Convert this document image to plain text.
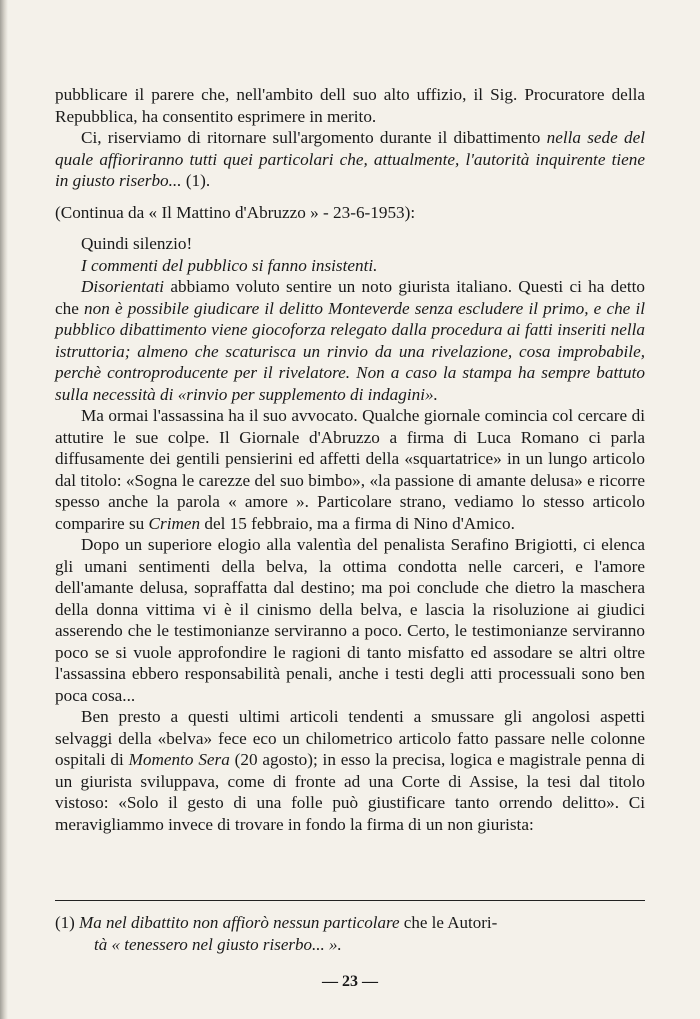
pubblicare il parere che, nell'ambito dell suo alto uffizio, il Sig. Procuratore della Repubblica, ha consentito esprimere in merito.

Ci, riserviamo di ritornare sull'argomento durante il dibattimento nella sede del quale affioriranno tutti quei particolari che, attualmente, l'autorità inquirente tiene in giusto riserbo... (1).

(Continua da « Il Mattino d'Abruzzo » - 23-6-1953):

Quindi silenzio!

I commenti del pubblico si fanno insistenti.

Disorientati abbiamo voluto sentire un noto giurista italiano. Questi ci ha detto che non è possibile giudicare il delitto Monteverde senza escludere il primo, e che il pubblico dibattimento viene giocoforza relegato dalla procedura ai fatti inseriti nella istruttoria; almeno che scaturisca un rinvio da una rivelazione, cosa improbabile, perchè controproducente per il rivelatore. Non a caso la stampa ha sempre battuto sulla necessità di «rinvio per supplemento di indagini».

Ma ormai l'assassina ha il suo avvocato. Qualche giornale comincia col cercare di attutire le sue colpe. Il Giornale d'Abruzzo a firma di Luca Romano ci parla diffusamente dei gentili pensierini ed affetti della «squartatrice» in un lungo articolo dal titolo: «Sogna le carezze del suo bimbo», «la passione di amante delusa» e ricorre spesso anche la parola « amore ». Particolare strano, vediamo lo stesso articolo comparire su Crimen del 15 febbraio, ma a firma di Nino d'Amico.

Dopo un superiore elogio alla valentìa del penalista Serafino Brigiotti, ci elenca gli umani sentimenti della belva, la ottima condotta nelle carceri, e l'amore dell'amante delusa, sopraffatta dal destino; ma poi conclude che dietro la maschera della donna vittima vi è il cinismo della belva, e lascia la risoluzione ai giudici asserendo che le testimonianze serviranno a poco. Certo, le testimonianze serviranno poco se si vuole approfondire le ragioni di tanto misfatto ed assodare se altri oltre l'assassina ebbero responsabilità penali, anche i testi degli atti processuali sono ben poca cosa...

Ben presto a questi ultimi articoli tendenti a smussare gli angolosi aspetti selvaggi della «belva» fece eco un chilometrico articolo fatto passare nelle colonne ospitali di Momento Sera (20 agosto); in esso la precisa, logica e magistrale penna di un giurista sviluppava, come di fronte ad una Corte di Assise, la tesi dal titolo vistoso: «Solo il gesto di una folle può giustificare tanto orrendo delitto». Ci meravigliammo invece di trovare in fondo la firma di un non giurista:

(1) Ma nel dibattito non affiorò nessun particolare che le Autori-
tà « tenessero nel giusto riserbo... ».
— 23 —
